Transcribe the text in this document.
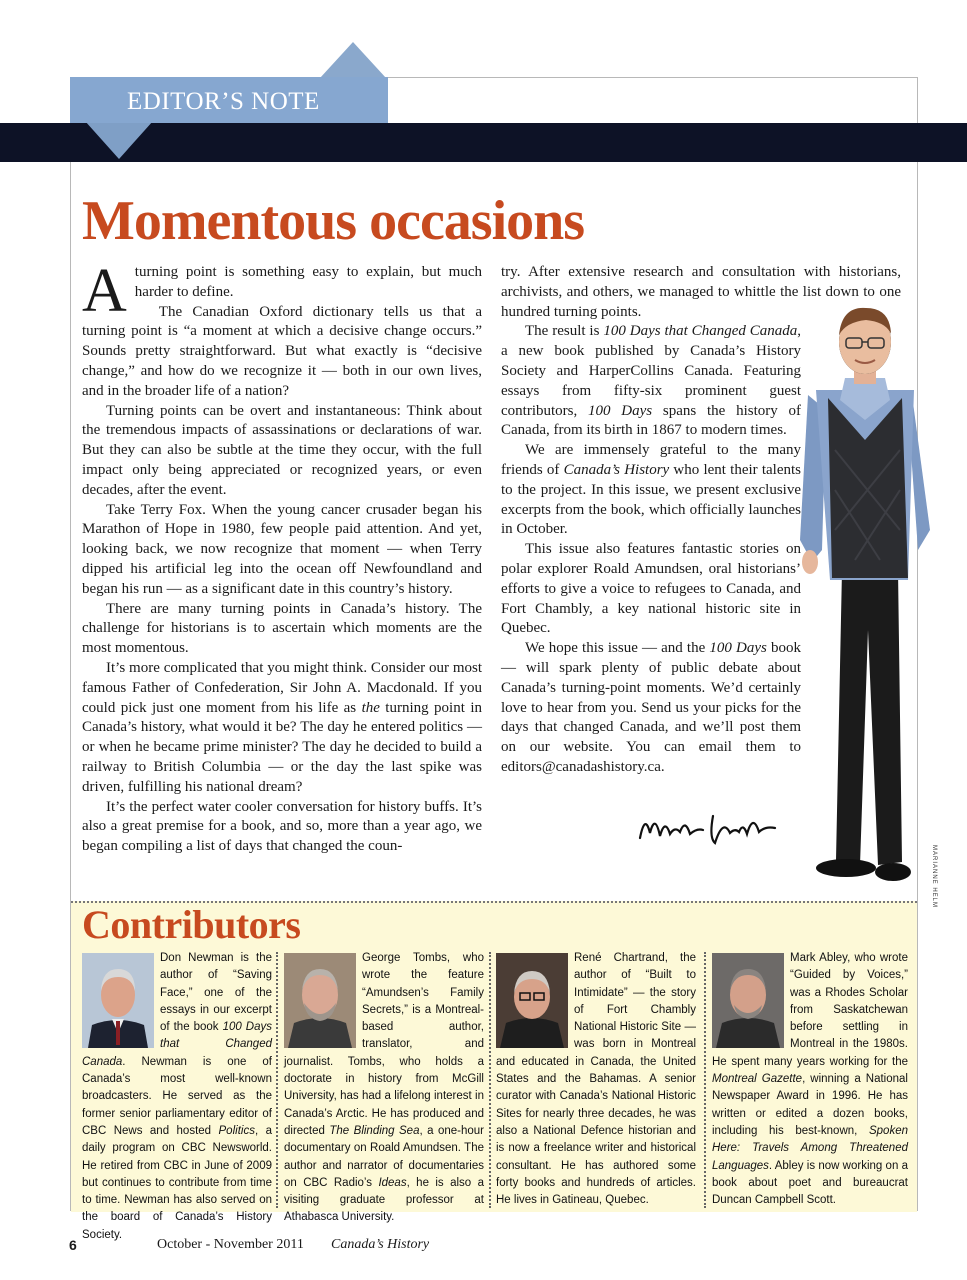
EDITOR’S NOTE
Momentous occasions

Aturning point is something easy to explain, but much harder to define.

The Canadian Oxford dictionary tells us that a turning point is “a moment at which a decisive change occurs.” Sounds pretty straightforward. But what exactly is “decisive change,” and how do we recognize it — both in our own lives, and in the broader life of a nation?

Turning points can be overt and instantaneous: Think about the tremendous impacts of assassinations or declarations of war. But they can also be subtle at the time they occur, with the full impact only being appreciated or recognized years, or even decades, after the event.

Take Terry Fox. When the young cancer crusader began his Marathon of Hope in 1980, few people paid attention. And yet, looking back, we now recognize that moment — when Terry dipped his artificial leg into the ocean off Newfoundland and began his run — as a significant date in this country’s history.

There are many turning points in Canada’s history. The challenge for historians is to ascertain which moments are the most momentous.

It’s more complicated that you might think. Consider our most famous Father of Confederation, Sir John A. Macdonald. If you could pick just one moment from his life as the turning point in Canada’s history, what would it be? The day he entered politics — or when he became prime minister? The day he decided to build a railway to British Columbia — or the day the last spike was driven, fulfilling his national dream?

It’s the perfect water cooler conversation for history buffs. It’s also a great premise for a book, and so, more than a year ago, we began compiling a list of days that changed the coun-

try. After extensive research and consultation with historians, archivists, and others, we managed to whittle the list down to one hundred turning points.

The result is 100 Days that Changed Canada, a new book published by Canada’s History Society and HarperCollins Canada. Featuring essays from fifty-six prominent guest contributors, 100 Days spans the history of Canada, from its birth in 1867 to modern times.

We are immensely grateful to the many friends of Canada’s History who lent their talents to the project. In this issue, we present exclusive excerpts from the book, which officially launches in October.

This issue also features fantastic stories on polar explorer Roald Amundsen, oral historians’ efforts to give a voice to refugees to Canada, and Fort Chambly, a key national historic site in Quebec.

We hope this issue — and the 100 Days book — will spark plenty of public debate about Canada’s turning-point moments. We’d certainly love to hear from you. Send us your picks for the days that changed Canada, and we’ll post them on our website. You can email them to editors@canadashistory.ca.

MARIANNE HELM
Contributors

Don Newman is the author of “Saving Face,” one of the essays in our excerpt of the book 100 Days that Changed Canada. Newman is one of Canada’s most well-known broadcasters. He served as the former senior parliamentary editor of CBC News and hosted Politics, a daily program on CBC Newsworld. He retired from CBC in June of 2009 but continues to contribute from time to time. Newman has also served on the board of Canada’s History Society.

George Tombs, who wrote the feature “Amundsen’s Family Secrets,” is a Montreal-based author, translator, and journalist. Tombs, who holds a doctorate in history from McGill University, has had a lifelong interest in Canada’s Arctic. He has produced and directed The Blinding Sea, a one-hour documentary on Roald Amundsen. The author and narrator of documentaries on CBC Radio’s Ideas, he is also a visiting graduate professor at Athabasca University.

René Chartrand, the author of “Built to Intimidate” — the story of Fort Chambly National Historic Site — was born in Montreal and educated in Canada, the United States and the Bahamas. A senior curator with Canada’s National Historic Sites for nearly three decades, he was also a National Defence historian and is now a freelance writer and historical consultant. He has authored some forty books and hundreds of articles. He lives in Gatineau, Quebec.

Mark Abley, who wrote “Guided by Voices,” was a Rhodes Scholar from Saskatchewan before settling in Montreal in the 1980s. He spent many years working for the Montreal Gazette, winning a National Newspaper Award in 1996. He has written or edited a dozen books, including his best-known, Spoken Here: Travels Among Threatened Languages. Abley is now working on a book about poet and bureaucrat Duncan Campbell Scott.

6	October - November 2011 Canada’s History
